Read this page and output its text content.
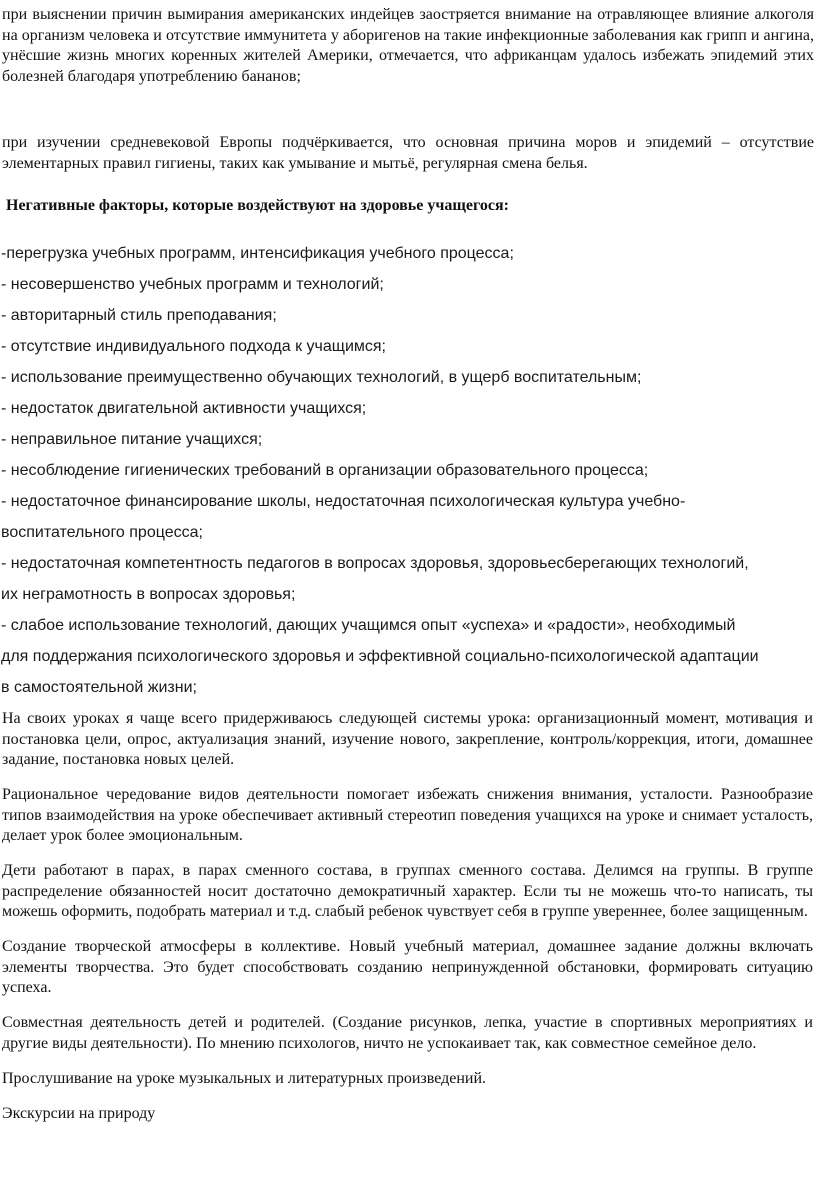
при выяснении причин вымирания американских индейцев заостряется внимание на отравляющее влияние алкоголя на организм человека и отсутствие иммунитета у аборигенов на такие инфекционные заболевания как грипп и ангина, унёсшие жизнь многих коренных жителей Америки, отмечается, что африканцам удалось избежать эпидемий этих болезней благодаря употреблению бананов;

при изучении средневековой Европы подчёркивается, что основная причина моров и эпидемий – отсутствие элементарных правил гигиены, таких как умывание и мытьё, регулярная смена белья.

Негативные факторы, которые воздействуют на здоровье учащегося:

-перегрузка учебных программ, интенсификация учебного процесса;
- несовершенство учебных программ и технологий;
- авторитарный стиль преподавания;
- отсутствие индивидуального подхода к учащимся;
- использование преимущественно обучающих технологий, в ущерб воспитательным;
- недостаток двигательной активности учащихся;
- неправильное питание учащихся;
- несоблюдение гигиенических требований в организации образовательного процесса;
- недостаточное финансирование школы, недостаточная психологическая культура учебно-
воспитательного процесса;
- недостаточная компетентность педагогов в вопросах здоровья, здоровьесберегающих технологий,
их неграмотность в вопросах здоровья;
- слабое использование технологий, дающих учащимся опыт «успеха» и «радости», необходимый
для поддержания психологического здоровья и эффективной социально-психологической адаптации
в самостоятельной жизни;

На своих уроках я чаще всего придерживаюсь следующей системы урока: организационный момент, мотивация и постановка цели, опрос, актуализация знаний, изучение нового, закрепление, контроль/коррекция, итоги, домашнее задание, постановка новых целей.

Рациональное чередование видов деятельности помогает избежать снижения внимания, усталости. Разнообразие типов взаимодействия на уроке обеспечивает активный стереотип поведения учащихся на уроке и снимает усталость, делает урок более эмоциональным.

Дети работают в парах, в парах сменного состава, в группах сменного состава. Делимся на группы. В группе распределение обязанностей носит достаточно демократичный характер. Если ты не можешь что-то написать, ты можешь оформить, подобрать материал и т.д. слабый ребенок чувствует себя в группе увереннее, более защищенным.

Создание творческой атмосферы в коллективе. Новый учебный материал, домашнее задание должны включать элементы творчества. Это будет способствовать созданию непринужденной обстановки, формировать ситуацию успеха.

Совместная деятельность детей и родителей. (Создание рисунков, лепка, участие в спортивных мероприятиях и другие виды деятельности). По мнению психологов, ничто не успокаивает так, как совместное семейное дело.

Прослушивание на уроке музыкальных и литературных произведений.

Экскурсии на природу
